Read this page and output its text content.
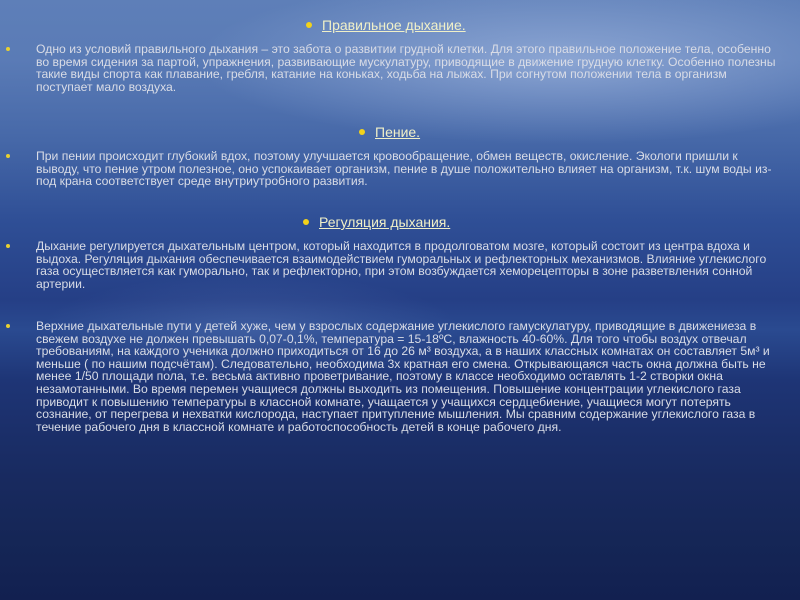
Правильное дыхание.
Одно из условий правильного дыхания – это забота о развитии грудной клетки. Для этого правильное положение тела, особенно во время сидения за партой, упражнения, развивающие мускулатуру, приводящие в движение грудную клетку. Особенно полезны такие виды спорта как плавание, гребля, катание на коньках, ходьба на лыжах. При согнутом положении тела в организм поступает мало воздуха.
Пение.
При пении происходит глубокий вдох, поэтому улучшается кровообращение, обмен веществ, окисление. Экологи пришли к выводу, что пение утром полезное, оно успокаивает организм, пение в душе положительно влияет на организм, т.к. шум воды из-под крана соответствует среде внутриутробного развития.
Регуляция дыхания.
Дыхание регулируется дыхательным центром, который находится в продолговатом мозге, который состоит из центра вдоха и выдоха. Регуляция дыхания обеспечивается взаимодействием гуморальных и рефлекторных механизмов. Влияние углекислого газа осуществляется как гуморально, так и рефлекторно, при этом возбуждается хеморецепторы в зоне разветвления сонной артерии.
Верхние дыхательные пути у детей хуже, чем у взрослых содержание углекислого гамускулатуру, приводящие в движениеза в свежем воздухе не должен превышать 0,07-0,1%, температура = 15-18ºС, влажность 40-60%. Для того чтобы воздух отвечал требованиям, на каждого ученика должно приходиться от 16 до 26 м³ воздуха, а в наших классных комнатах он составляет 5м³ и меньше ( по нашим подсчётам). Следовательно, необходима 3х кратная его смена. Открывающаяся часть окна должна быть не менее 1/50 площади пола, т.е. весьма активно проветривание, поэтому в классе необходимо оставлять 1-2 створки окна незамотанными. Во время перемен учащиеся должны выходить из помещения. Повышение концентрации углекислого газа приводит к повышению температуры в классной комнате, учащается у учащихся сердцебиение, учащиеся могут потерять сознание, от перегрева и нехватки кислорода, наступает притупление мышления. Мы сравним содержание углекислого газа в течение рабочего дня в классной комнате и работоспособность детей в конце рабочего дня.
